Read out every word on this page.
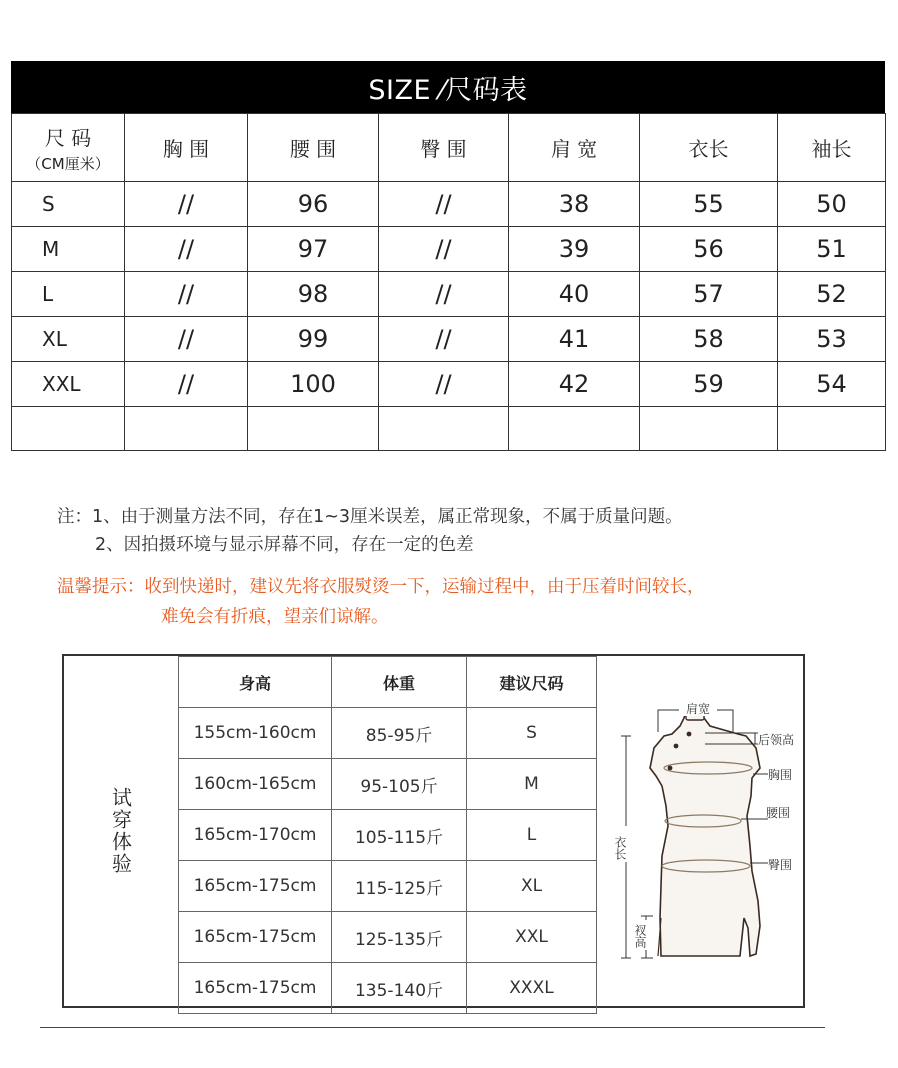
SIZE ⁄尺码表
尺 码
（CM厘米）	胸 围	腰 围	臀 围	肩 宽	衣长	袖长
S	//	96	//	38	55	50
M	//	97	//	39	56	51
L	//	98	//	40	57	52
XL	//	99	//	41	58	53
XXL	//	100	//	42	59	54

注：1、由于测量方法不同，存在1~3厘米误差，属正常现象，不属于质量问题。
2、因拍摄环境与显示屏幕不同，存在一定的色差
温馨提示：收到快递时，建议先将衣服熨烫一下，运输过程中，由于压着时间较长，
难免会有折痕，望亲们谅解。
试穿体验
身高	体重	建议尺码
155cm-160cm	85-95斤	S
160cm-165cm	95-105斤	M
165cm-170cm	105-115斤	L
165cm-175cm	115-125斤	XL
165cm-175cm	125-135斤	XXL
165cm-175cm	135-140斤	XXXL
肩宽
后领高
胸围
腰围
臀围
衣长
衩高
